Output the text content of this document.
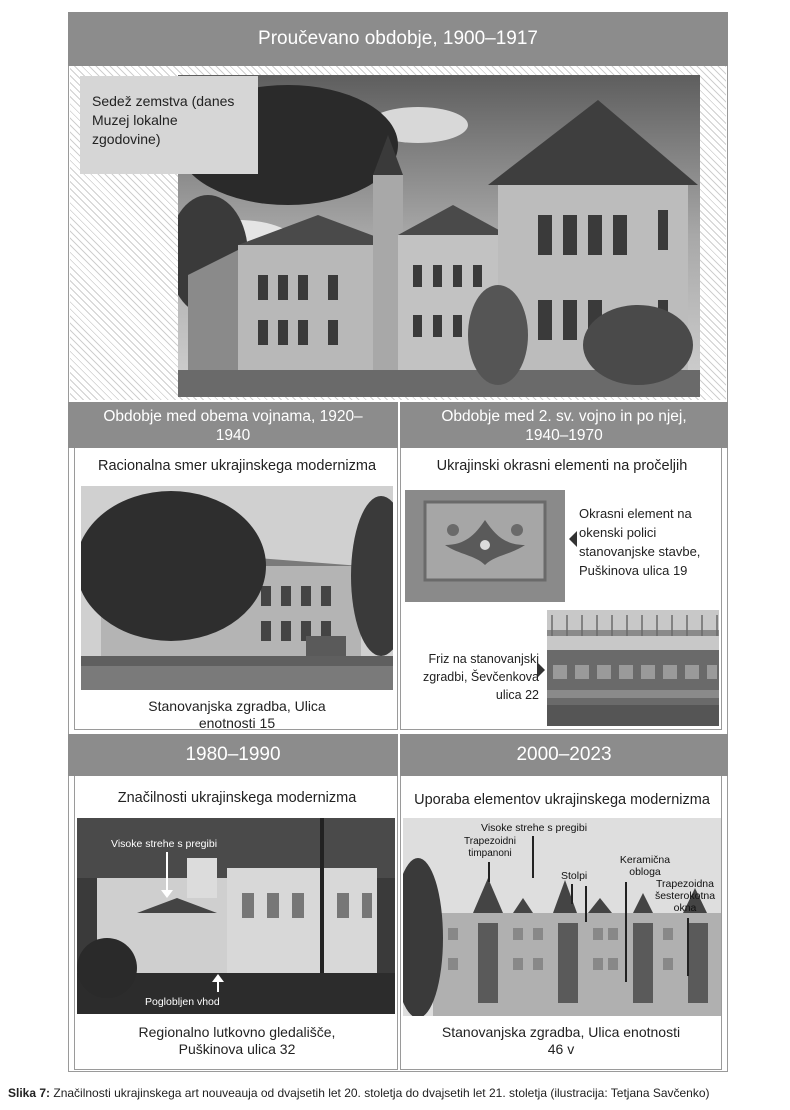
Proučevano obdobje, 1900–1917
Sedež zemstva (danes Muzej lokalne zgodovine)
Obdobje med obema vojnama, 1920–1940
Obdobje med 2. sv. vojno in po njej, 1940–1970
Racionalna smer ukrajinskega modernizma
Stanovanjska zgradba, Ulica enotnosti 15
Ukrajinski okrasni elementi na pročeljih
Okrasni element na okenski polici stanovanjske stavbe, Puškinova ulica 19
Friz na stanovanjski zgradbi, Ševčenkova ulica 22
1980–1990	2000–2023
Značilnosti ukrajinskega modernizma
Visoke strehe s pregibi
Poglobljen vhod
Regionalno lutkovno gledališče, Puškinova ulica 32
Uporaba elementov ukrajinskega modernizma
Visoke strehe s pregibi
Trapezoidni timpanoni
Stolpi
Keramična obloga
Trapezoidna šesterokotna okna
Stanovanjska zgradba, Ulica enotnosti 46 v
Slika 7: Značilnosti ukrajinskega art nouveauja od dvajsetih let 20. stoletja do dvajsetih let 21. stoletja (ilustracija: Tetjana Savčenko)
